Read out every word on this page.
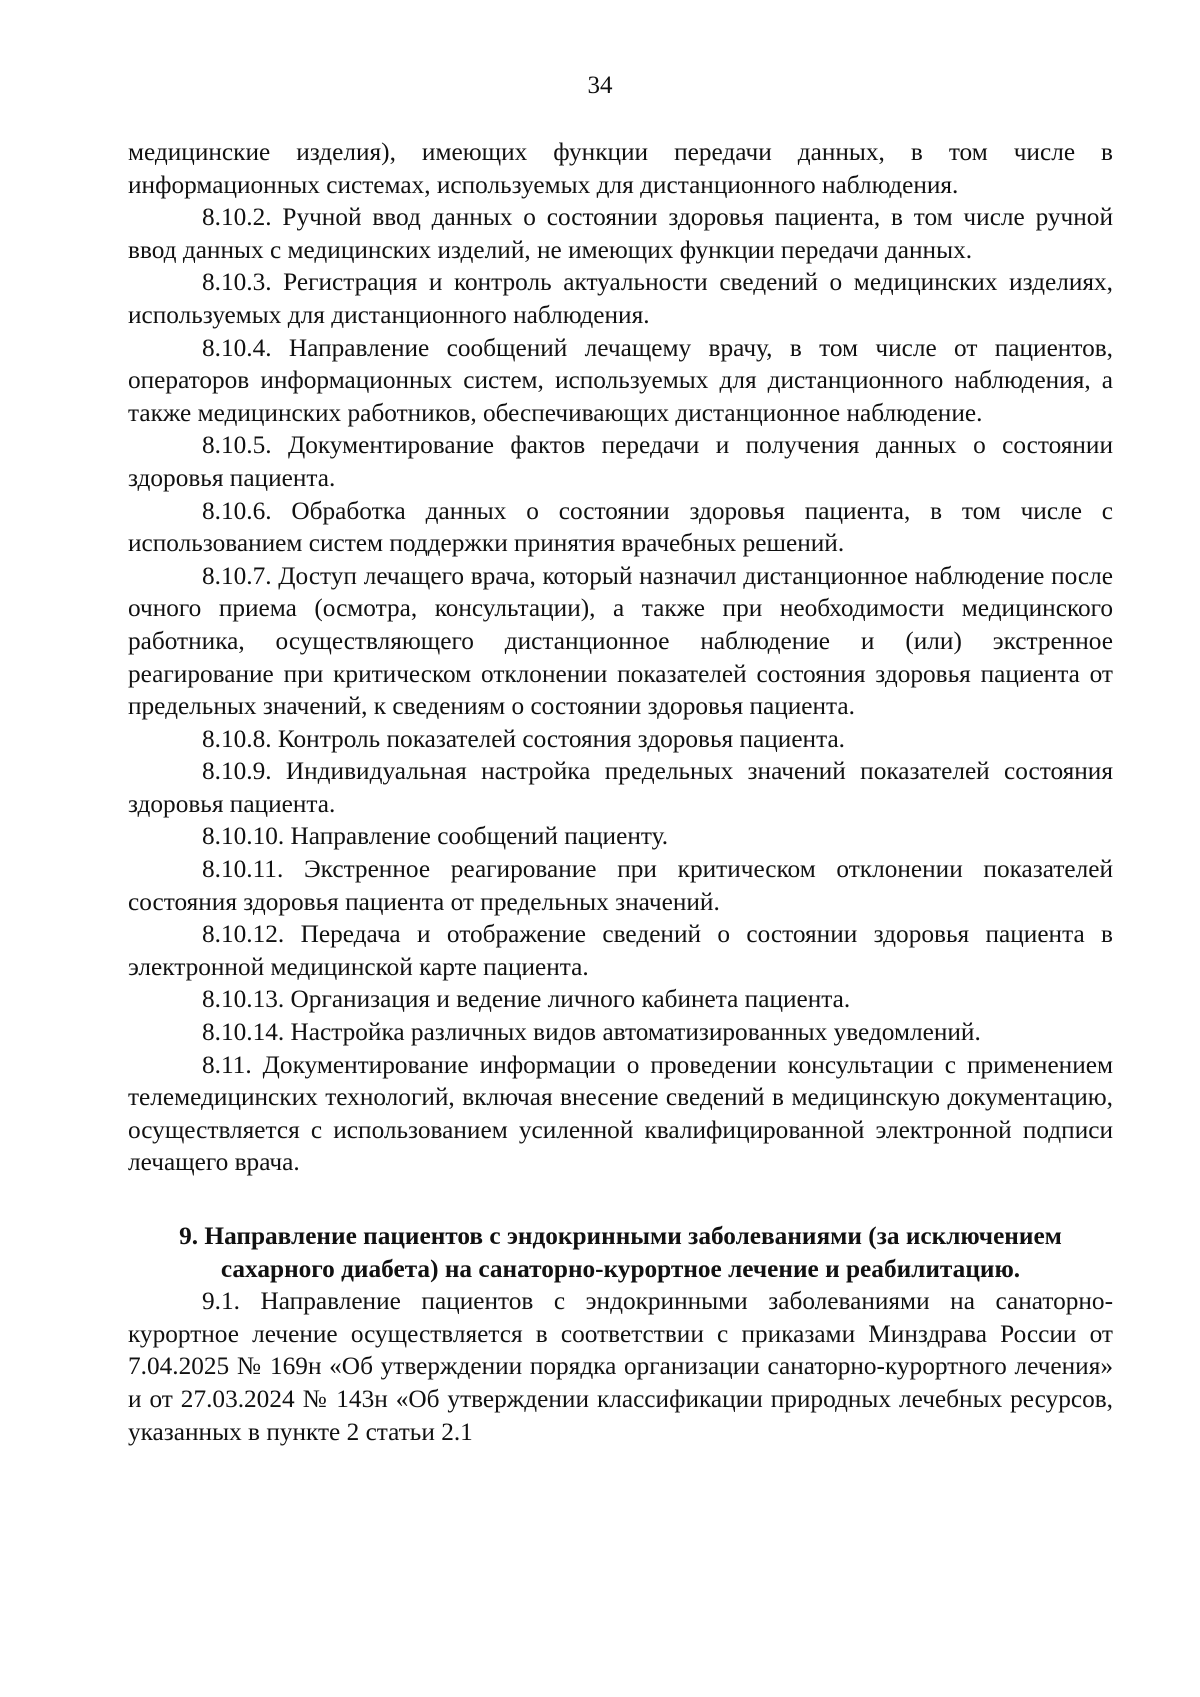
34

медицинские изделия), имеющих функции передачи данных, в том числе в информационных системах, используемых для дистанционного наблюдения.

8.10.2. Ручной ввод данных о состоянии здоровья пациента, в том числе ручной ввод данных с медицинских изделий, не имеющих функции передачи данных.

8.10.3. Регистрация и контроль актуальности сведений о медицинских изделиях, используемых для дистанционного наблюдения.

8.10.4. Направление сообщений лечащему врачу, в том числе от пациентов, операторов информационных систем, используемых для дистанционного наблюдения, а также медицинских работников, обеспечивающих дистанционное наблюдение.

8.10.5. Документирование фактов передачи и получения данных о состоянии здоровья пациента.

8.10.6. Обработка данных о состоянии здоровья пациента, в том числе с использованием систем поддержки принятия врачебных решений.

8.10.7. Доступ лечащего врача, который назначил дистанционное наблюдение после очного приема (осмотра, консультации), а также при необходимости медицинского работника, осуществляющего дистанционное наблюдение и (или) экстренное реагирование при критическом отклонении показателей состояния здоровья пациента от предельных значений, к сведениям о состоянии здоровья пациента.

8.10.8. Контроль показателей состояния здоровья пациента.

8.10.9. Индивидуальная настройка предельных значений показателей состояния здоровья пациента.

8.10.10. Направление сообщений пациенту.

8.10.11. Экстренное реагирование при критическом отклонении показателей состояния здоровья пациента от предельных значений.

8.10.12. Передача и отображение сведений о состоянии здоровья пациента в электронной медицинской карте пациента.

8.10.13. Организация и ведение личного кабинета пациента.

8.10.14. Настройка различных видов автоматизированных уведомлений.

8.11. Документирование информации о проведении консультации с применением телемедицинских технологий, включая внесение сведений в медицинскую документацию, осуществляется с использованием усиленной квалифицированной электронной подписи лечащего врача.

9. Направление пациентов с эндокринными заболеваниями (за исключением сахарного диабета) на санаторно-курортное лечение и реабилитацию.

9.1. Направление пациентов с эндокринными заболеваниями на санаторно-курортное лечение осуществляется в соответствии с приказами Минздрава России от 7.04.2025 № 169н «Об утверждении порядка организации санаторно-курортного лечения» и от 27.03.2024 № 143н «Об утверждении классификации природных лечебных ресурсов, указанных в пункте 2 статьи 2.1
